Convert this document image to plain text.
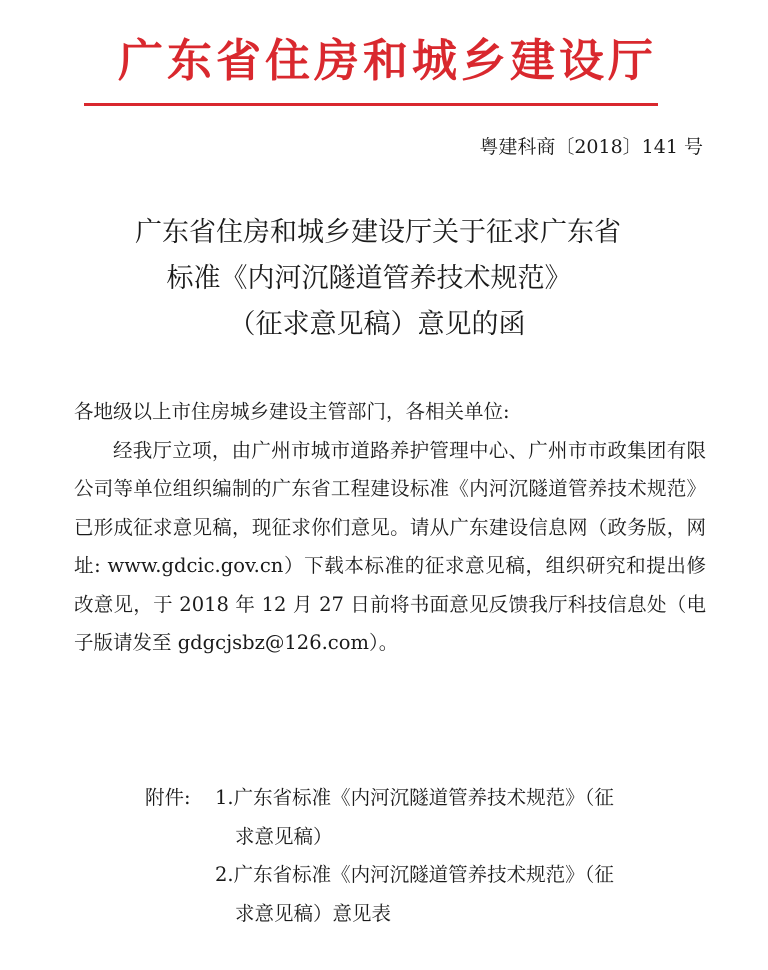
广东省住房和城乡建设厅
粤建科商〔2018〕141 号
广东省住房和城乡建设厅关于征求广东省
标准《内河沉隧道管养技术规范》
（征求意见稿）意见的函

各地级以上市住房城乡建设主管部门，各相关单位:

经我厅立项，由广州市城市道路养护管理中心、广州市市政集团有限公司等单位组织编制的广东省工程建设标准《内河沉隧道管养技术规范》已形成征求意见稿，现征求你们意见。请从广东建设信息网（政务版，网址: www.gdcic.gov.cn）下载本标准的征求意见稿，组织研究和提出修改意见，于 2018 年 12 月 27 日前将书面意见反馈我厅科技信息处（电子版请发至 gdgcjsbz@126.com）。

附件: 1.广东省标准《内河沉隧道管养技术规范》（征
求意见稿）
2.广东省标准《内河沉隧道管养技术规范》（征
求意见稿）意见表
